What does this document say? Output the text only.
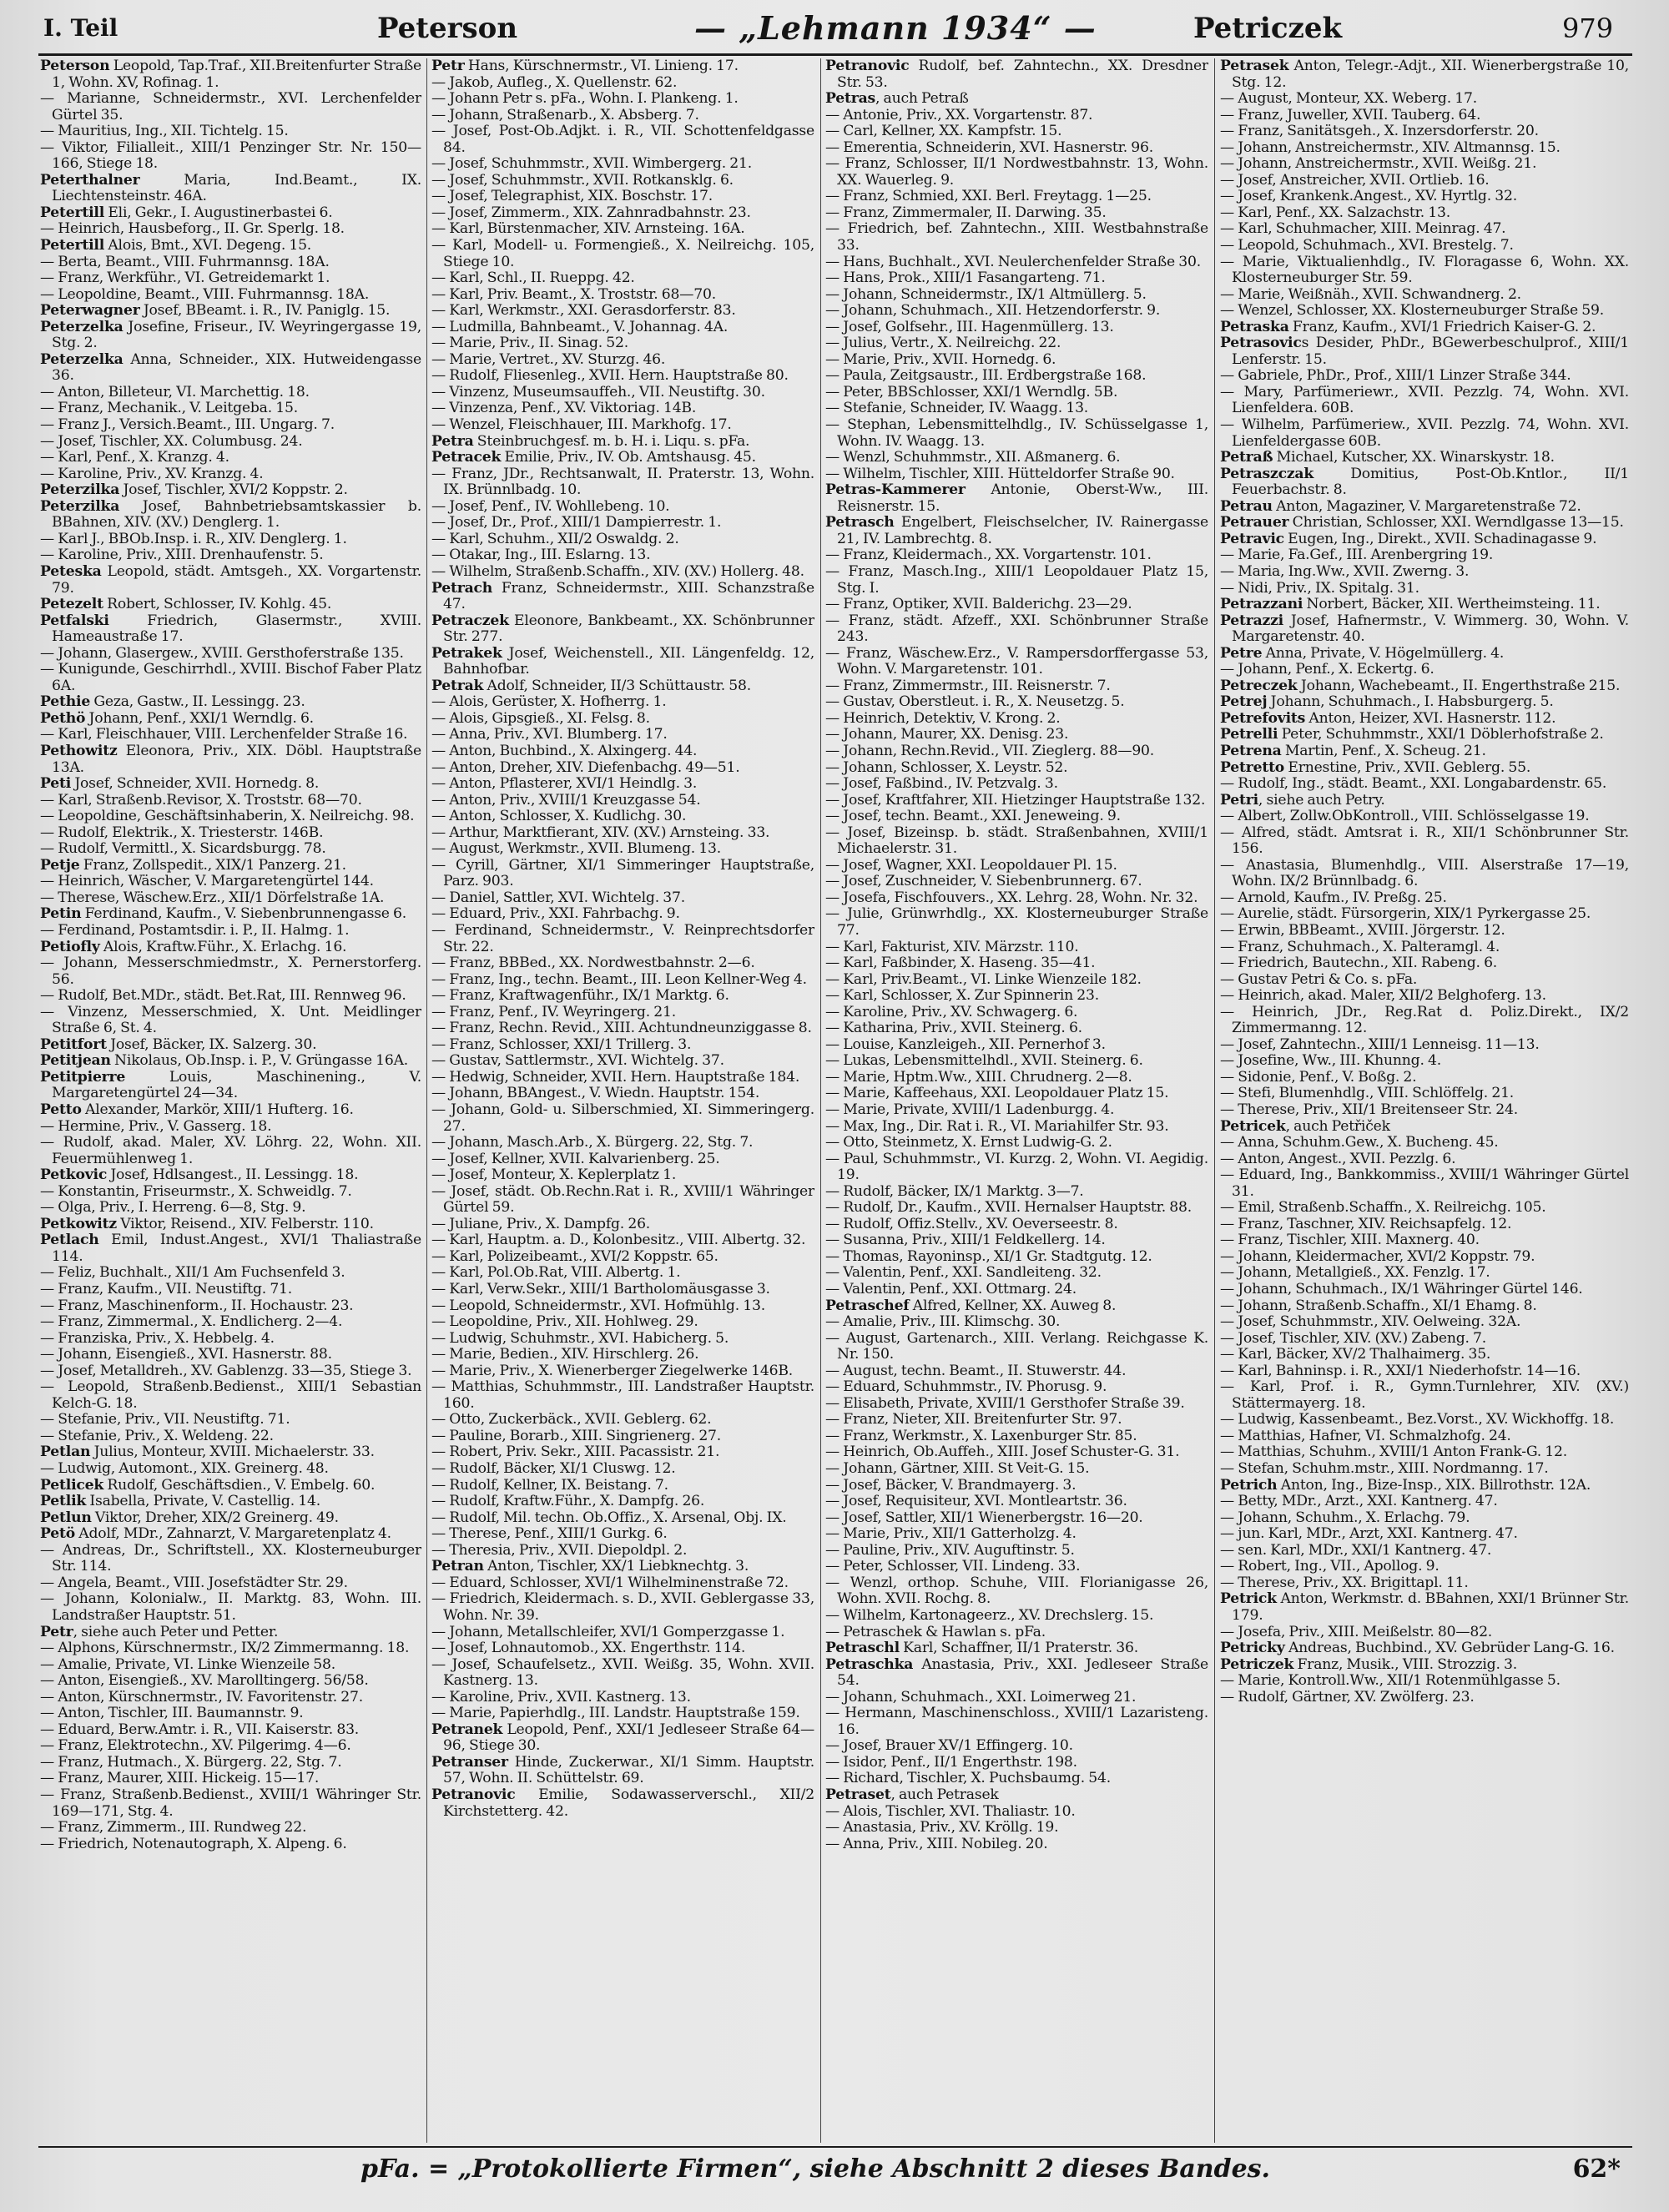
I. Teil	Peterson	— „Lehmann 1934“ —	Petriczek	979

Peterson Leopold, Tap.Traf., XII.Breitenfurter Straße 1, Wohn. XV, Rofinag. 1.

— Marianne, Schneidermstr., XVI. Lerchenfelder Gürtel 35.

— Mauritius, Ing., XII. Tichtelg. 15.

— Viktor, Filialleit., XIII/1 Penzinger Str. Nr. 150—166, Stiege 18.

Peterthalner Maria, Ind.Beamt., IX. Liechtensteinstr. 46A.

Petertill Eli, Gekr., I. Augustinerbastei 6.

— Heinrich, Hausbeforg., II. Gr. Sperlg. 18.

Petertill Alois, Bmt., XVI. Degeng. 15.

— Berta, Beamt., VIII. Fuhrmannsg. 18A.

— Franz, Werkführ., VI. Getreidemarkt 1.

— Leopoldine, Beamt., VIII. Fuhrmannsg. 18A.

Peterwagner Josef, BBeamt. i. R., IV. Paniglg. 15.

Peterzelka Josefine, Friseur., IV. Weyringergasse 19, Stg. 2.

Peterzelka Anna, Schneider., XIX. Hutweidengasse 36.

— Anton, Billeteur, VI. Marchettig. 18.

— Franz, Mechanik., V. Leitgeba. 15.

— Franz J., Versich.Beamt., III. Ungarg. 7.

— Josef, Tischler, XX. Columbusg. 24.

— Karl, Penf., X. Kranzg. 4.

— Karoline, Priv., XV. Kranzg. 4.

Peterzilka Josef, Tischler, XVI/2 Koppstr. 2.

Peterzilka Josef, Bahnbetriebsamtskassier b. BBahnen, XIV. (XV.) Denglerg. 1.

— Karl J., BBOb.Insp. i. R., XIV. Denglerg. 1.

— Karoline, Priv., XIII. Drenhaufenstr. 5.

Peteska Leopold, städt. Amtsgeh., XX. Vorgartenstr. 79.

Petezelt Robert, Schlosser, IV. Kohlg. 45.

Petfalski Friedrich, Glasermstr., XVIII. Hameaustraße 17.

— Johann, Glasergew., XVIII. Gersthoferstraße 135.

— Kunigunde, Geschirrhdl., XVIII. Bischof Faber Platz 6A.

Pethie Geza, Gastw., II. Lessingg. 23.

Pethö Johann, Penf., XXI/1 Werndlg. 6.

— Karl, Fleischhauer, VIII. Lerchenfelder Straße 16.

Pethowitz Eleonora, Priv., XIX. Döbl. Hauptstraße 13A.

Peti Josef, Schneider, XVII. Hornedg. 8.

— Karl, Straßenb.Revisor, X. Troststr. 68—70.

— Leopoldine, Geschäftsinhaberin, X. Neilreichg. 98.

— Rudolf, Elektrik., X. Triesterstr. 146B.

— Rudolf, Vermittl., X. Sicardsburgg. 78.

Petje Franz, Zollspedit., XIX/1 Panzerg. 21.

— Heinrich, Wäscher, V. Margaretengürtel 144.

— Therese, Wäschew.Erz., XII/1 Dörfelstraße 1A.

Petin Ferdinand, Kaufm., V. Siebenbrunnengasse 6.

— Ferdinand, Postamtsdir. i. P., II. Halmg. 1.

Petiofly Alois, Kraftw.Führ., X. Erlachg. 16.

— Johann, Messerschmiedmstr., X. Pernerstorferg. 56.

— Rudolf, Bet.MDr., städt. Bet.Rat, III. Rennweg 96.

— Vinzenz, Messerschmied, X. Unt. Meidlinger Straße 6, St. 4.

Petitfort Josef, Bäcker, IX. Salzerg. 30.

Petitjean Nikolaus, Ob.Insp. i. P., V. Grüngasse 16A.

Petitpierre Louis, Maschinening., V. Margaretengürtel 24—34.

Petto Alexander, Markör, XIII/1 Hufterg. 16.

— Hermine, Priv., V. Gasserg. 18.

— Rudolf, akad. Maler, XV. Löhrg. 22, Wohn. XII. Feuermühlenweg 1.

Petkovic Josef, Hdlsangest., II. Lessingg. 18.

— Konstantin, Friseurmstr., X. Schweidlg. 7.

— Olga, Priv., I. Herreng. 6—8, Stg. 9.

Petkowitz Viktor, Reisend., XIV. Felberstr. 110.

Petlach Emil, Indust.Angest., XVI/1 Thaliastraße 114.

— Feliz, Buchhalt., XII/1 Am Fuchsenfeld 3.

— Franz, Kaufm., VII. Neustiftg. 71.

— Franz, Maschinenform., II. Hochaustr. 23.

— Franz, Zimmermal., X. Endlicherg. 2—4.

— Franziska, Priv., X. Hebbelg. 4.

— Johann, Eisengieß., XVI. Hasnerstr. 88.

— Josef, Metalldreh., XV. Gablenzg. 33—35, Stiege 3.

— Leopold, Straßenb.Bedienst., XIII/1 Sebastian Kelch-G. 18.

— Stefanie, Priv., VII. Neustiftg. 71.

— Stefanie, Priv., X. Weldeng. 22.

Petlan Julius, Monteur, XVIII. Michaelerstr. 33.

— Ludwig, Automont., XIX. Greinerg. 48.

Petlicek Rudolf, Geschäftsdien., V. Embelg. 60.

Petlik Isabella, Private, V. Castellig. 14.

Petlun Viktor, Dreher, XIX/2 Greinerg. 49.

Petö Adolf, MDr., Zahnarzt, V. Margaretenplatz 4.

— Andreas, Dr., Schriftstell., XX. Klosterneuburger Str. 114.

— Angela, Beamt., VIII. Josefstädter Str. 29.

— Johann, Kolonialw., II. Marktg. 83, Wohn. III. Landstraßer Hauptstr. 51.

Petr, siehe auch Peter und Petter.

— Alphons, Kürschnermstr., IX/2 Zimmermanng. 18.

— Amalie, Private, VI. Linke Wienzeile 58.

— Anton, Eisengieß., XV. Marolltingerg. 56/58.

— Anton, Kürschnermstr., IV. Favoritenstr. 27.

— Anton, Tischler, III. Baumannstr. 9.

— Eduard, Berw.Amtr. i. R., VII. Kaiserstr. 83.

— Franz, Elektrotechn., XV. Pilgerimg. 4—6.

— Franz, Hutmach., X. Bürgerg. 22, Stg. 7.

— Franz, Maurer, XIII. Hickeig. 15—17.

— Franz, Straßenb.Bedienst., XVIII/1 Währinger Str. 169—171, Stg. 4.

— Franz, Zimmerm., III. Rundweg 22.

— Friedrich, Notenautograph, X. Alpeng. 6.

Petr Hans, Kürschnermstr., VI. Linieng. 17.

— Jakob, Aufleg., X. Quellenstr. 62.

— Johann Petr s. pFa., Wohn. I. Plankeng. 1.

— Johann, Straßenarb., X. Absberg. 7.

— Josef, Post-Ob.Adjkt. i. R., VII. Schottenfeldgasse 84.

— Josef, Schuhmmstr., XVII. Wimbergerg. 21.

— Josef, Schuhmmstr., XVII. Rotkansklg. 6.

— Josef, Telegraphist, XIX. Boschstr. 17.

— Josef, Zimmerm., XIX. Zahnradbahnstr. 23.

— Karl, Bürstenmacher, XIV. Arnsteing. 16A.

— Karl, Modell- u. Formengieß., X. Neilreichg. 105, Stiege 10.

— Karl, Schl., II. Rueppg. 42.

— Karl, Priv. Beamt., X. Troststr. 68—70.

— Karl, Werkmstr., XXI. Gerasdorferstr. 83.

— Ludmilla, Bahnbeamt., V. Johannag. 4A.

— Marie, Priv., II. Sinag. 52.

— Marie, Vertret., XV. Sturzg. 46.

— Rudolf, Fliesenleg., XVII. Hern. Hauptstraße 80.

— Vinzenz, Museumsauffeh., VII. Neustiftg. 30.

— Vinzenza, Penf., XV. Viktoriag. 14B.

— Wenzel, Fleischhauer, III. Markhofg. 17.

Petra Steinbruchgesf. m. b. H. i. Liqu. s. pFa.

Petracek Emilie, Priv., IV. Ob. Amtshausg. 45.

— Franz, JDr., Rechtsanwalt, II. Praterstr. 13, Wohn. IX. Brünnlbadg. 10.

— Josef, Penf., IV. Wohllebeng. 10.

— Josef, Dr., Prof., XIII/1 Dampierrestr. 1.

— Karl, Schuhm., XII/2 Oswaldg. 2.

— Otakar, Ing., III. Eslarng. 13.

— Wilhelm, Straßenb.Schaffn., XIV. (XV.) Hollerg. 48.

Petrach Franz, Schneidermstr., XIII. Schanzstraße 47.

Petraczek Eleonore, Bankbeamt., XX. Schönbrunner Str. 277.

Petrakek Josef, Weichenstell., XII. Längenfeldg. 12, Bahnhofbar.

Petrak Adolf, Schneider, II/3 Schüttaustr. 58.

— Alois, Gerüster, X. Hofherrg. 1.

— Alois, Gipsgieß., XI. Felsg. 8.

— Anna, Priv., XVI. Blumberg. 17.

— Anton, Buchbind., X. Alxingerg. 44.

— Anton, Dreher, XIV. Diefenbachg. 49—51.

— Anton, Pflasterer, XVI/1 Heindlg. 3.

— Anton, Priv., XVIII/1 Kreuzgasse 54.

— Anton, Schlosser, X. Kudlichg. 30.

— Arthur, Marktfierant, XIV. (XV.) Arnsteing. 33.

— August, Werkmstr., XVII. Blumeng. 13.

— Cyrill, Gärtner, XI/1 Simmeringer Hauptstraße, Parz. 903.

— Daniel, Sattler, XVI. Wichtelg. 37.

— Eduard, Priv., XXI. Fahrbachg. 9.

— Ferdinand, Schneidermstr., V. Reinprechtsdorfer Str. 22.

— Franz, BBBed., XX. Nordwestbahnstr. 2—6.

— Franz, Ing., techn. Beamt., III. Leon Kellner-Weg 4.

— Franz, Kraftwagenführ., IX/1 Marktg. 6.

— Franz, Penf., IV. Weyringerg. 21.

— Franz, Rechn. Revid., XIII. Achtundneunziggasse 8.

— Franz, Schlosser, XXI/1 Trillerg. 3.

— Gustav, Sattlermstr., XVI. Wichtelg. 37.

— Hedwig, Schneider, XVII. Hern. Hauptstraße 184.

— Johann, BBAngest., V. Wiedn. Hauptstr. 154.

— Johann, Gold- u. Silberschmied, XI. Simmeringerg. 27.

— Johann, Masch.Arb., X. Bürgerg. 22, Stg. 7.

— Josef, Kellner, XVII. Kalvarienberg. 25.

— Josef, Monteur, X. Keplerplatz 1.

— Josef, städt. Ob.Rechn.Rat i. R., XVIII/1 Währinger Gürtel 59.

— Juliane, Priv., X. Dampfg. 26.

— Karl, Hauptm. a. D., Kolonbesitz., VIII. Albertg. 32.

— Karl, Polizeibeamt., XVI/2 Koppstr. 65.

— Karl, Pol.Ob.Rat, VIII. Albertg. 1.

— Karl, Verw.Sekr., XIII/1 Bartholomäusgasse 3.

— Leopold, Schneidermstr., XVI. Hofmühlg. 13.

— Leopoldine, Priv., XII. Hohlweg. 29.

— Ludwig, Schuhmstr., XVI. Habicherg. 5.

— Marie, Bedien., XIV. Hirschlerg. 26.

— Marie, Priv., X. Wienerberger Ziegelwerke 146B.

— Matthias, Schuhmmstr., III. Landstraßer Hauptstr. 160.

— Otto, Zuckerbäck., XVII. Geblerg. 62.

— Pauline, Borarb., XIII. Singrienerg. 27.

— Robert, Priv. Sekr., XIII. Pacassistr. 21.

— Rudolf, Bäcker, XI/1 Cluswg. 12.

— Rudolf, Kellner, IX. Beistang. 7.

— Rudolf, Kraftw.Führ., X. Dampfg. 26.

— Rudolf, Mil. techn. Ob.Offiz., X. Arsenal, Obj. IX.

— Therese, Penf., XIII/1 Gurkg. 6.

— Theresia, Priv., XVII. Diepoldpl. 2.

Petran Anton, Tischler, XX/1 Liebknechtg. 3.

— Eduard, Schlosser, XVI/1 Wilhelminenstraße 72.

— Friedrich, Kleidermach. s. D., XVII. Geblergasse 33, Wohn. Nr. 39.

— Johann, Metallschleifer, XVI/1 Gomperzgasse 1.

— Josef, Lohnautomob., XX. Engerthstr. 114.

— Josef, Schaufelsetz., XVII. Weißg. 35, Wohn. XVII. Kastnerg. 13.

— Karoline, Priv., XVII. Kastnerg. 13.

— Marie, Papierhdlg., III. Landstr. Hauptstraße 159.

Petranek Leopold, Penf., XXI/1 Jedleseer Straße 64—96, Stiege 30.

Petranser Hinde, Zuckerwar., XI/1 Simm. Hauptstr. 57, Wohn. II. Schüttelstr. 69.

Petranovic Emilie, Sodawasserverschl., XII/2 Kirchstetterg. 42.

Petranovic Rudolf, bef. Zahntechn., XX. Dresdner Str. 53.

Petras, auch Petraß

— Antonie, Priv., XX. Vorgartenstr. 87.

— Carl, Kellner, XX. Kampfstr. 15.

— Emerentia, Schneiderin, XVI. Hasnerstr. 96.

— Franz, Schlosser, II/1 Nordwestbahnstr. 13, Wohn. XX. Wauerleg. 9.

— Franz, Schmied, XXI. Berl. Freytagg. 1—25.

— Franz, Zimmermaler, II. Darwing. 35.

— Friedrich, bef. Zahntechn., XIII. Westbahnstraße 33.

— Hans, Buchhalt., XVI. Neulerchenfelder Straße 30.

— Hans, Prok., XIII/1 Fasangarteng. 71.

— Johann, Schneidermstr., IX/1 Altmüllerg. 5.

— Johann, Schuhmach., XII. Hetzendorferstr. 9.

— Josef, Golfsehr., III. Hagenmüllerg. 13.

— Julius, Vertr., X. Neilreichg. 22.

— Marie, Priv., XVII. Hornedg. 6.

— Paula, Zeitgsaustr., III. Erdbergstraße 168.

— Peter, BBSchlosser, XXI/1 Werndlg. 5B.

— Stefanie, Schneider, IV. Waagg. 13.

— Stephan, Lebensmittelhdlg., IV. Schüsselgasse 1, Wohn. IV. Waagg. 13.

— Wenzl, Schuhmmstr., XII. Aßmanerg. 6.

— Wilhelm, Tischler, XIII. Hütteldorfer Straße 90.

Petras-Kammerer Antonie, Oberst-Ww., III. Reisnerstr. 15.

Petrasch Engelbert, Fleischselcher, IV. Rainergasse 21, IV. Lambrechtg. 8.

— Franz, Kleidermach., XX. Vorgartenstr. 101.

— Franz, Masch.Ing., XIII/1 Leopoldauer Platz 15, Stg. I.

— Franz, Optiker, XVII. Balderichg. 23—29.

— Franz, städt. Afzeff., XXI. Schönbrunner Straße 243.

— Franz, Wäschew.Erz., V. Rampersdorffergasse 53, Wohn. V. Margaretenstr. 101.

— Franz, Zimmermstr., III. Reisnerstr. 7.

— Gustav, Oberstleut. i. R., X. Neusetzg. 5.

— Heinrich, Detektiv, V. Krong. 2.

— Johann, Maurer, XX. Denisg. 23.

— Johann, Rechn.Revid., VII. Zieglerg. 88—90.

— Johann, Schlosser, X. Leystr. 52.

— Josef, Faßbind., IV. Petzvalg. 3.

— Josef, Kraftfahrer, XII. Hietzinger Hauptstraße 132.

— Josef, techn. Beamt., XXI. Jeneweing. 9.

— Josef, Bizeinsp. b. städt. Straßenbahnen, XVIII/1 Michaelerstr. 31.

— Josef, Wagner, XXI. Leopoldauer Pl. 15.

— Josef, Zuschneider, V. Siebenbrunnerg. 67.

— Josefa, Fischfouvers., XX. Lehrg. 28, Wohn. Nr. 32.

— Julie, Grünwrhdlg., XX. Klosterneuburger Straße 77.

— Karl, Fakturist, XIV. Märzstr. 110.

— Karl, Faßbinder, X. Haseng. 35—41.

— Karl, Priv.Beamt., VI. Linke Wienzeile 182.

— Karl, Schlosser, X. Zur Spinnerin 23.

— Karoline, Priv., XV. Schwagerg. 6.

— Katharina, Priv., XVII. Steinerg. 6.

— Louise, Kanzleigeh., XII. Pernerhof 3.

— Lukas, Lebensmittelhdl., XVII. Steinerg. 6.

— Marie, Hptm.Ww., XIII. Chrudnerg. 2—8.

— Marie, Kaffeehaus, XXI. Leopoldauer Platz 15.

— Marie, Private, XVIII/1 Ladenburgg. 4.

— Max, Ing., Dir. Rat i. R., VI. Mariahilfer Str. 93.

— Otto, Steinmetz, X. Ernst Ludwig-G. 2.

— Paul, Schuhmmstr., VI. Kurzg. 2, Wohn. VI. Aegidig. 19.

— Rudolf, Bäcker, IX/1 Marktg. 3—7.

— Rudolf, Dr., Kaufm., XVII. Hernalser Hauptstr. 88.

— Rudolf, Offiz.Stellv., XV. Oeverseestr. 8.

— Susanna, Priv., XIII/1 Feldkellerg. 14.

— Thomas, Rayoninsp., XI/1 Gr. Stadtgutg. 12.

— Valentin, Penf., XXI. Sandleiteng. 32.

— Valentin, Penf., XXI. Ottmarg. 24.

Petraschef Alfred, Kellner, XX. Auweg 8.

— Amalie, Priv., III. Klimschg. 30.

— August, Gartenarch., XIII. Verlang. Reichgasse K. Nr. 150.

— August, techn. Beamt., II. Stuwerstr. 44.

— Eduard, Schuhmmstr., IV. Phorusg. 9.

— Elisabeth, Private, XVIII/1 Gersthofer Straße 39.

— Franz, Nieter, XII. Breitenfurter Str. 97.

— Franz, Werkmstr., X. Laxenburger Str. 85.

— Heinrich, Ob.Auffeh., XIII. Josef Schuster-G. 31.

— Johann, Gärtner, XIII. St Veit-G. 15.

— Josef, Bäcker, V. Brandmayerg. 3.

— Josef, Requisiteur, XVI. Montleartstr. 36.

— Josef, Sattler, XII/1 Wienerbergstr. 16—20.

— Marie, Priv., XII/1 Gatterholzg. 4.

— Pauline, Priv., XIV. Auguftinstr. 5.

— Peter, Schlosser, VII. Lindeng. 33.

— Wenzl, orthop. Schuhe, VIII. Florianigasse 26, Wohn. XVII. Rochg. 8.

— Wilhelm, Kartonageerz., XV. Drechslerg. 15.

— Petraschek & Hawlan s. pFa.

Petraschl Karl, Schaffner, II/1 Praterstr. 36.

Petraschka Anastasia, Priv., XXI. Jedleseer Straße 54.

— Johann, Schuhmach., XXI. Loimerweg 21.

— Hermann, Maschinenschloss., XVIII/1 Lazaristeng. 16.

— Josef, Brauer XV/1 Effingerg. 10.

— Isidor, Penf., II/1 Engerthstr. 198.

— Richard, Tischler, X. Puchsbaumg. 54.

Petraset, auch Petrasek

— Alois, Tischler, XVI. Thaliastr. 10.

— Anastasia, Priv., XV. Kröllg. 19.

— Anna, Priv., XIII. Nobileg. 20.

Petrasek Anton, Telegr.-Adjt., XII. Wienerbergstraße 10, Stg. 12.

— August, Monteur, XX. Weberg. 17.

— Franz, Juweller, XVII. Tauberg. 64.

— Franz, Sanitätsgeh., X. Inzersdorferstr. 20.

— Johann, Anstreichermstr., XIV. Altmannsg. 15.

— Johann, Anstreichermstr., XVII. Weißg. 21.

— Josef, Anstreicher, XVII. Ortlieb. 16.

— Josef, Krankenk.Angest., XV. Hyrtlg. 32.

— Karl, Penf., XX. Salzachstr. 13.

— Karl, Schuhmacher, XIII. Meinrag. 47.

— Leopold, Schuhmach., XVI. Brestelg. 7.

— Marie, Viktualienhdlg., IV. Floragasse 6, Wohn. XX. Klosterneuburger Str. 59.

— Marie, Weißnäh., XVII. Schwandnerg. 2.

— Wenzel, Schlosser, XX. Klosterneuburger Straße 59.

Petraska Franz, Kaufm., XVI/1 Friedrich Kaiser-G. 2.

Petrasovics Desider, PhDr., BGewerbeschulprof., XIII/1 Lenferstr. 15.

— Gabriele, PhDr., Prof., XIII/1 Linzer Straße 344.

— Mary, Parfümeriewr., XVII. Pezzlg. 74, Wohn. XVI. Lienfeldera. 60B.

— Wilhelm, Parfümeriew., XVII. Pezzlg. 74, Wohn. XVI. Lienfeldergasse 60B.

Petraß Michael, Kutscher, XX. Winarskystr. 18.

Petraszczak Domitius, Post-Ob.Kntlor., II/1 Feuerbachstr. 8.

Petrau Anton, Magaziner, V. Margaretenstraße 72.

Petrauer Christian, Schlosser, XXI. Werndlgasse 13—15.

Petravic Eugen, Ing., Direkt., XVII. Schadinagasse 9.

— Marie, Fa.Gef., III. Arenbergring 19.

— Maria, Ing.Ww., XVII. Zwerng. 3.

— Nidi, Priv., IX. Spitalg. 31.

Petrazzani Norbert, Bäcker, XII. Wertheimsteing. 11.

Petrazzi Josef, Hafnermstr., V. Wimmerg. 30, Wohn. V. Margaretenstr. 40.

Petre Anna, Private, V. Högelmüllerg. 4.

— Johann, Penf., X. Eckertg. 6.

Petreczek Johann, Wachebeamt., II. Engerthstraße 215.

Petrej Johann, Schuhmach., I. Habsburgerg. 5.

Petrefovits Anton, Heizer, XVI. Hasnerstr. 112.

Petrelli Peter, Schuhmmstr., XXI/1 Döblerhofstraße 2.

Petrena Martin, Penf., X. Scheug. 21.

Petretto Ernestine, Priv., XVII. Geblerg. 55.

— Rudolf, Ing., städt. Beamt., XXI. Longabardenstr. 65.

Petri, siehe auch Petry.

— Albert, Zollw.ObKontroll., VIII. Schlösselgasse 19.

— Alfred, städt. Amtsrat i. R., XII/1 Schönbrunner Str. 156.

— Anastasia, Blumenhdlg., VIII. Alserstraße 17—19, Wohn. IX/2 Brünnlbadg. 6.

— Arnold, Kaufm., IV. Preßg. 25.

— Aurelie, städt. Fürsorgerin, XIX/1 Pyrkergasse 25.

— Erwin, BBBeamt., XVIII. Jörgerstr. 12.

— Franz, Schuhmach., X. Palteramgl. 4.

— Friedrich, Bautechn., XII. Rabeng. 6.

— Gustav Petri & Co. s. pFa.

— Heinrich, akad. Maler, XII/2 Belghoferg. 13.

— Heinrich, JDr., Reg.Rat d. Poliz.Direkt., IX/2 Zimmermanng. 12.

— Josef, Zahntechn., XIII/1 Lenneisg. 11—13.

— Josefine, Ww., III. Khunng. 4.

— Sidonie, Penf., V. Boßg. 2.

— Stefi, Blumenhdlg., VIII. Schlöffelg. 21.

— Therese, Priv., XII/1 Breitenseer Str. 24.

Petricek, auch Petřiček

— Anna, Schuhm.Gew., X. Bucheng. 45.

— Anton, Angest., XVII. Pezzlg. 6.

— Eduard, Ing., Bankkommiss., XVIII/1 Währinger Gürtel 31.

— Emil, Straßenb.Schaffn., X. Reilreichg. 105.

— Franz, Taschner, XIV. Reichsapfelg. 12.

— Franz, Tischler, XIII. Maxnerg. 40.

— Johann, Kleidermacher, XVI/2 Koppstr. 79.

— Johann, Metallgieß., XX. Fenzlg. 17.

— Johann, Schuhmach., IX/1 Währinger Gürtel 146.

— Johann, Straßenb.Schaffn., XI/1 Ehamg. 8.

— Josef, Schuhmmstr., XIV. Oelweing. 32A.

— Josef, Tischler, XIV. (XV.) Zabeng. 7.

— Karl, Bäcker, XV/2 Thalhaimerg. 35.

— Karl, Bahninsp. i. R., XXI/1 Niederhofstr. 14—16.

— Karl, Prof. i. R., Gymn.Turnlehrer, XIV. (XV.) Stättermayerg. 18.

— Ludwig, Kassenbeamt., Bez.Vorst., XV. Wickhoffg. 18.

— Matthias, Hafner, VI. Schmalzhofg. 24.

— Matthias, Schuhm., XVIII/1 Anton Frank-G. 12.

— Stefan, Schuhm.mstr., XIII. Nordmanng. 17.

Petrich Anton, Ing., Bize-Insp., XIX. Billrothstr. 12A.

— Betty, MDr., Arzt., XXI. Kantnerg. 47.

— Johann, Schuhm., X. Erlachg. 79.

— jun. Karl, MDr., Arzt, XXI. Kantnerg. 47.

— sen. Karl, MDr., XXI/1 Kantnerg. 47.

— Robert, Ing., VII., Apollog. 9.

— Therese, Priv., XX. Brigittapl. 11.

Petrick Anton, Werkmstr. d. BBahnen, XXI/1 Brünner Str. 179.

— Josefa, Priv., XIII. Meißelstr. 80—82.

Petricky Andreas, Buchbind., XV. Gebrüder Lang-G. 16.

Petriczek Franz, Musik., VIII. Strozzig. 3.

— Marie, Kontroll.Ww., XII/1 Rotenmühlgasse 5.

— Rudolf, Gärtner, XV. Zwölferg. 23.

pFa. = „Protokollierte Firmen“, siehe Abschnitt 2 dieses Bandes.	62*
